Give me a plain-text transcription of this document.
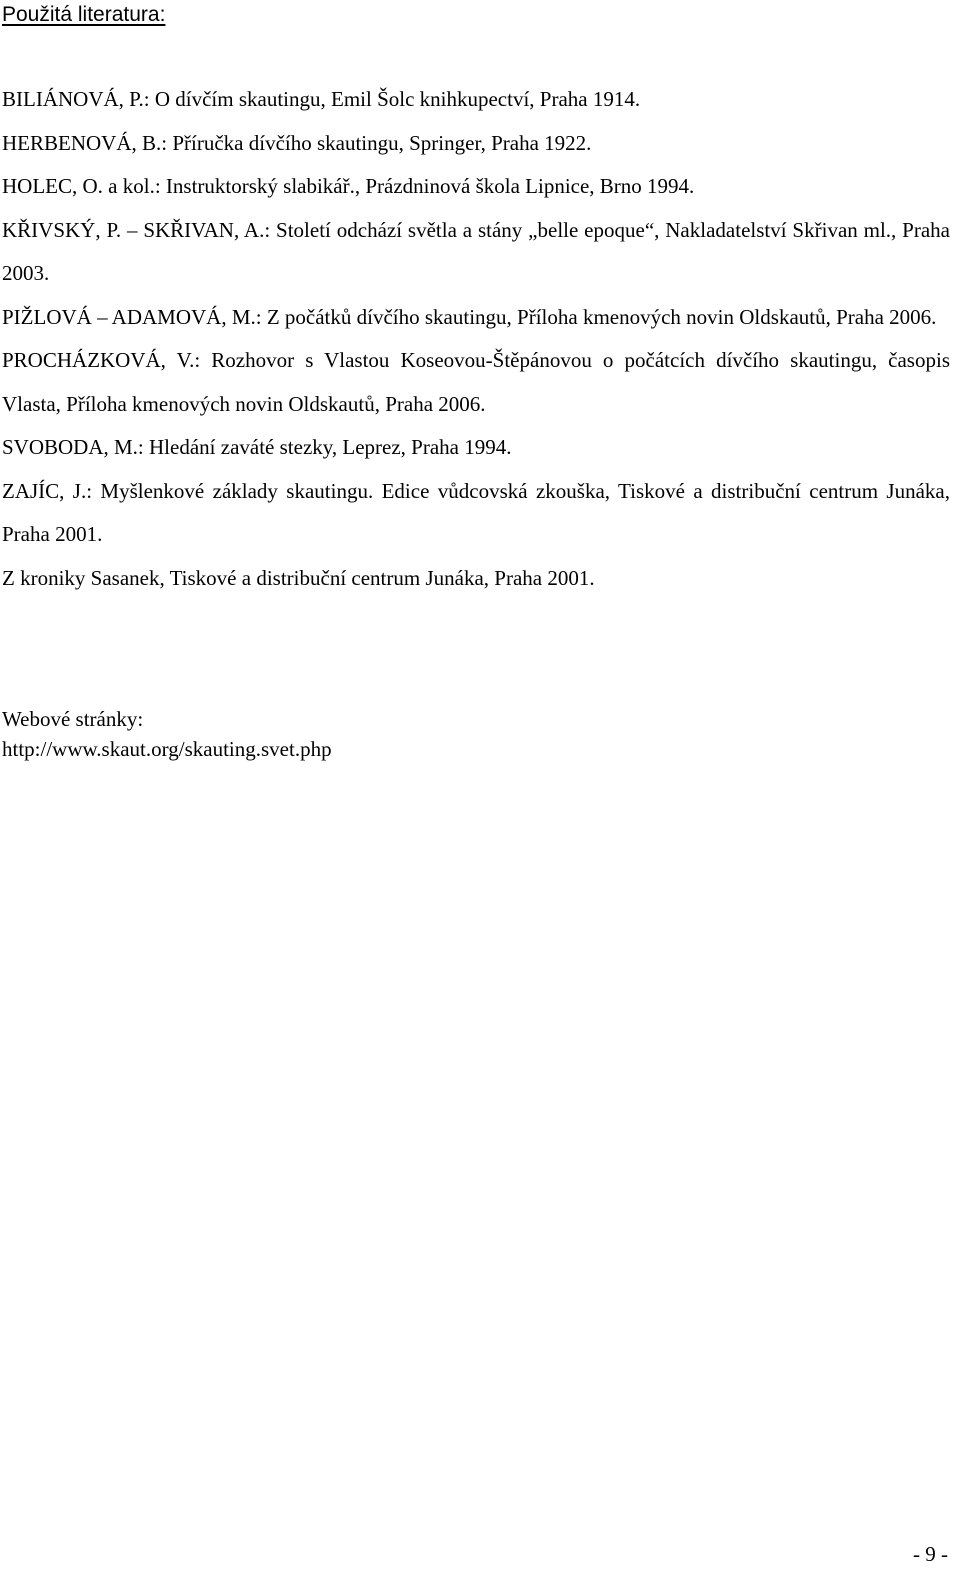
Použitá literatura:
BILIÁNOVÁ, P.: O dívčím skautingu, Emil Šolc knihkupectví, Praha 1914.
HERBENOVÁ, B.: Příručka dívčího skautingu, Springer, Praha 1922.
HOLEC, O. a kol.: Instruktorský slabikář., Prázdninová škola Lipnice, Brno 1994.
KŘIVSKÝ, P. – SKŘIVAN, A.: Století odchází světla a stány „belle epoque“, Nakladatelství Skřivan ml., Praha 2003.
PIŽLOVÁ – ADAMOVÁ, M.: Z počátků dívčího skautingu, Příloha kmenových novin Oldskautů, Praha 2006.
PROCHÁZKOVÁ, V.: Rozhovor s Vlastou Koseovou-Štěpánovou o počátcích dívčího skautingu, časopis Vlasta, Příloha kmenových novin Oldskautů, Praha 2006.
SVOBODA, M.: Hledání zaváté stezky, Leprez, Praha 1994.
ZAJÍC, J.: Myšlenkové základy skautingu. Edice vůdcovská zkouška, Tiskové a distribuční centrum Junáka, Praha 2001.
Z kroniky Sasanek, Tiskové a distribuční centrum Junáka, Praha 2001.
Webové stránky:
http://www.skaut.org/skauting.svet.php
- 9 -
